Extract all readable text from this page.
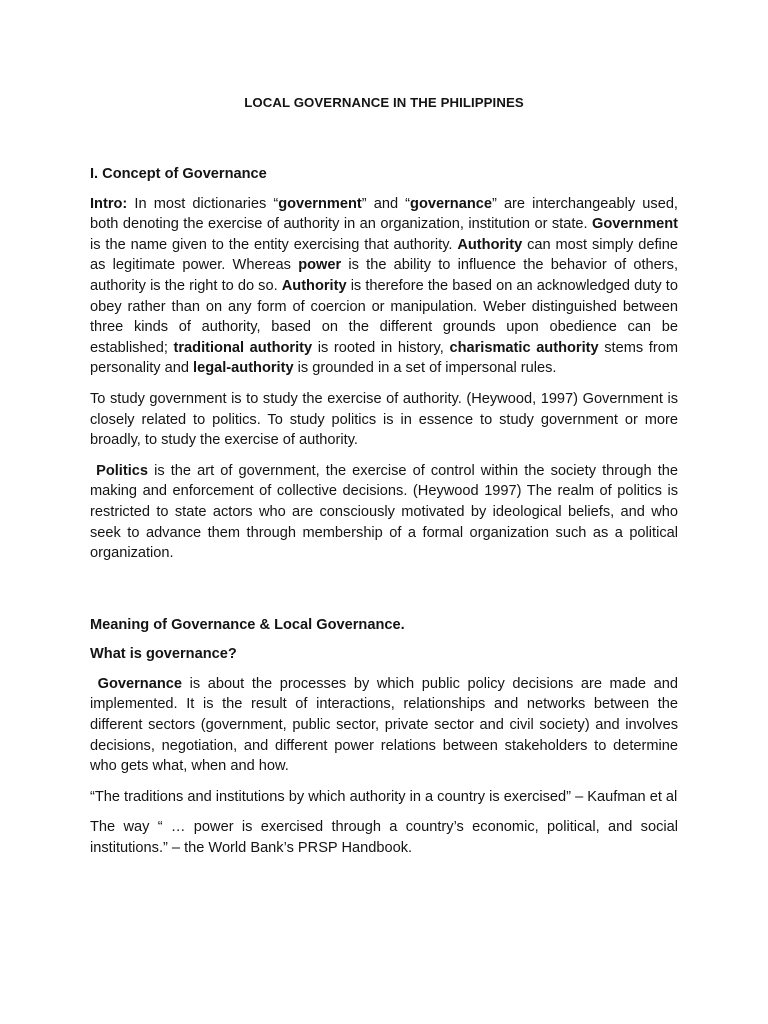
LOCAL GOVERNANCE IN THE PHILIPPINES

I. Concept of Governance

Intro: In most dictionaries “government” and “governance” are interchangeably used, both denoting the exercise of authority in an organization, institution or state. Government is the name given to the entity exercising that authority. Authority can most simply define as legitimate power. Whereas power is the ability to influence the behavior of others, authority is the right to do so. Authority is therefore the based on an acknowledged duty to obey rather than on any form of coercion or manipulation. Weber distinguished between three kinds of authority, based on the different grounds upon obedience can be established; traditional authority is rooted in history, charismatic authority stems from personality and legal-authority is grounded in a set of impersonal rules.

To study government is to study the exercise of authority. (Heywood, 1997) Government is closely related to politics. To study politics is in essence to study government or more broadly, to study the exercise of authority.

Politics is the art of government, the exercise of control within the society through the making and enforcement of collective decisions. (Heywood 1997) The realm of politics is restricted to state actors who are consciously motivated by ideological beliefs, and who seek to advance them through membership of a formal organization such as a political organization.

Meaning of Governance & Local Governance.

What is governance?

Governance is about the processes by which public policy decisions are made and implemented. It is the result of interactions, relationships and networks between the different sectors (government, public sector, private sector and civil society) and involves decisions, negotiation, and different power relations between stakeholders to determine who gets what, when and how.

“The traditions and institutions by which authority in a country is exercised” – Kaufman et al

The way “ … power is exercised through a country’s economic, political, and social institutions.” – the World Bank’s PRSP Handbook.
